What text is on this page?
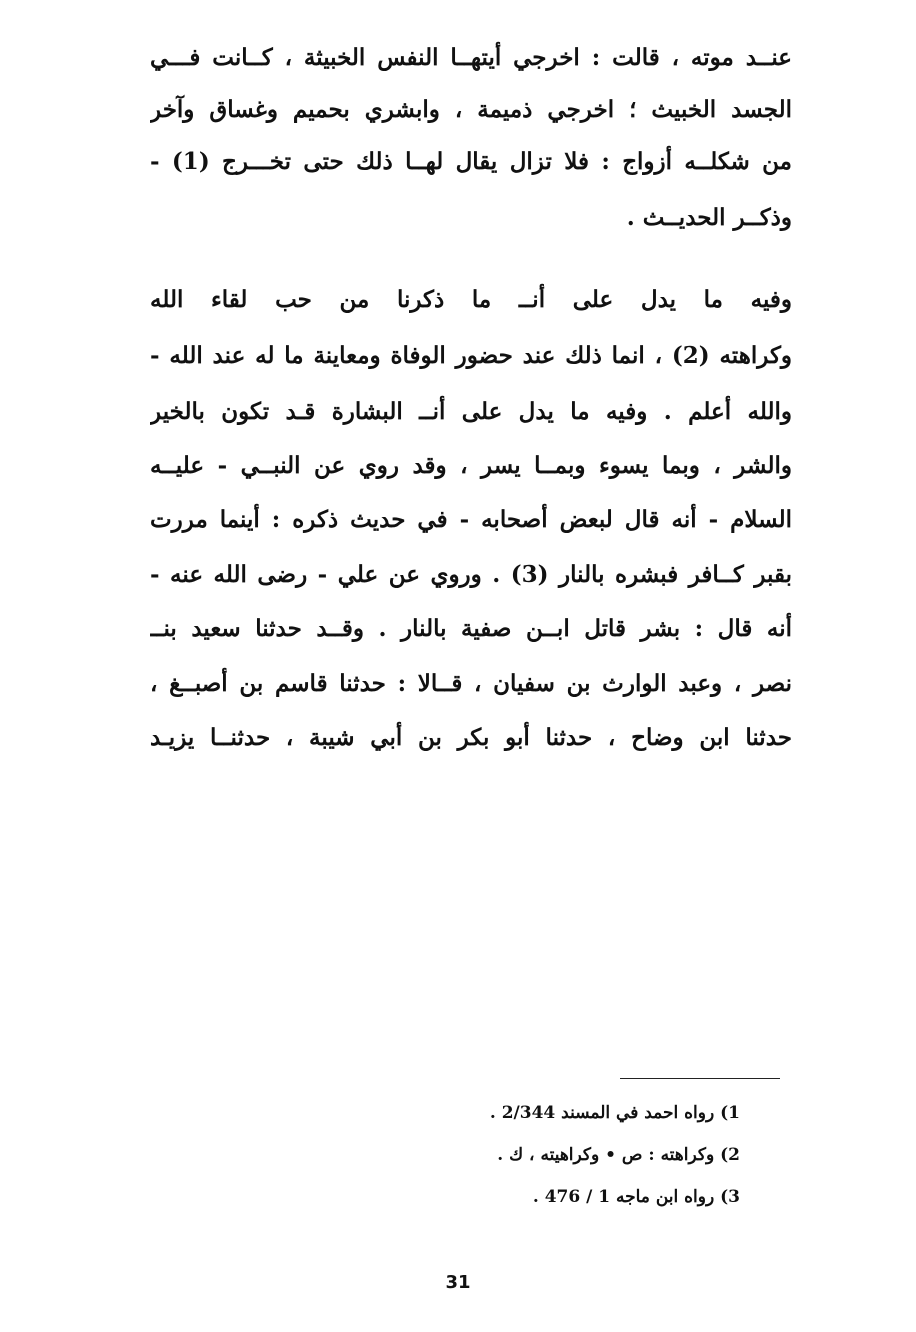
عنــد موته ، قالت : اخرجي أيتهــا النفس الخبيثة ، كــانت فـــي
الجسد الخبيث ؛ اخرجي ذميمة ، وابشري بحميم وغساق وآخر
من شكلــه أزواج : فلا تزال يقال لهــا ذلك حتى تخـــرج (1) -
وذكــر الحديــث .
وفيه ما يدل على أنــ ما ذكرنا من حب لقاء الله
وكراهته (2) ، انما ذلك عند حضور الوفاة ومعاينة ما له عند الله -
والله أعلم . وفيه ما يدل على أنــ البشارة قـد تكون بالخير
والشر ، وبما يسوء وبمــا يسر ، وقد روي عن النبــي - عليــه
السلام - أنه قال لبعض أصحابه - في حديث ذكره : أينما مررت
بقبر كــافر فبشره بالنار (3) . وروي عن علي - رضى الله عنه -
أنه قال : بشر قاتل ابــن صفية بالنار . وقــد حدثنا سعيد بنــ
نصر ، وعبد الوارث بن سفيان ، قــالا : حدثنا قاسم بن أصبــغ ،
حدثنا ابن وضاح ، حدثنا أبو بكر بن أبي شيبة ، حدثنــا يزيـد
1) رواه احمد في المسند 2/344 .
2) وكراهته : ص • وكراهيته ، ك .
3) رواه ابن ماجه 1 / 476 .
31
